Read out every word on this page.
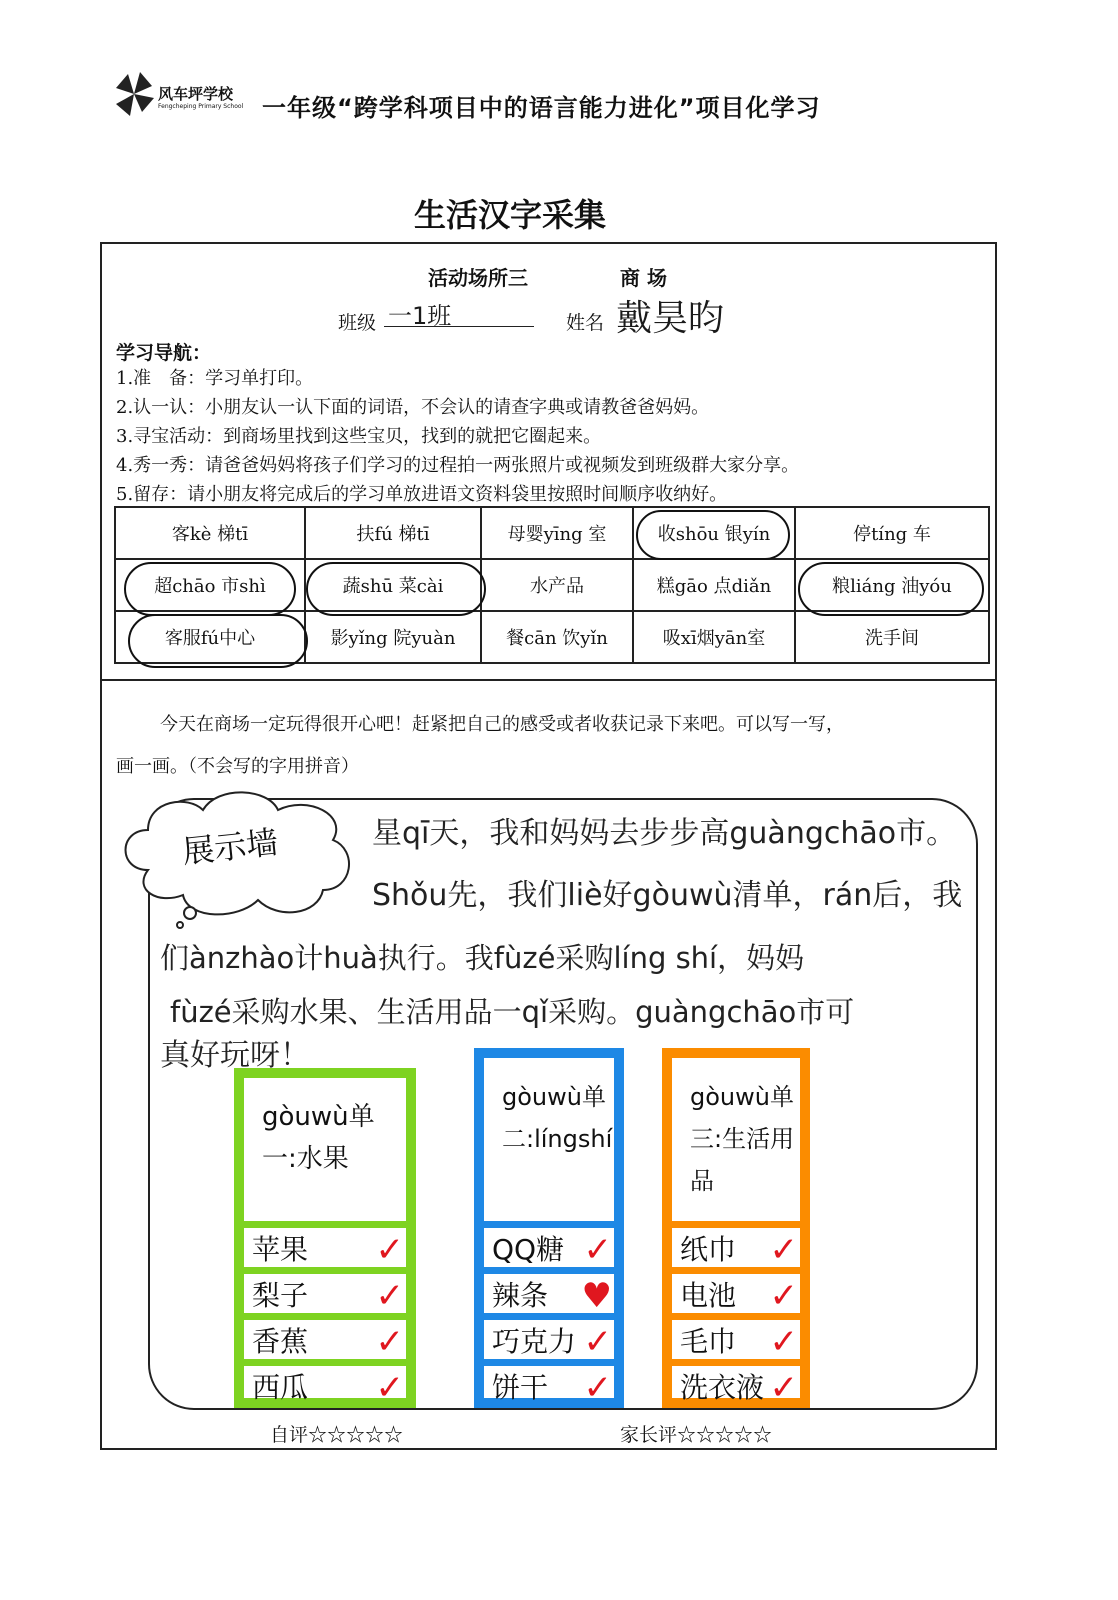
风车坪学校
Fengcheping Primary School 一年级“跨学科项目中的语言能力进化”项目化学习
生活汉字采集
活动场所三	商 场
班级 一1班	姓名 戴昊昀
学习导航：
1.准　备：学习单打印。
2.认一认：小朋友认一认下面的词语，不会认的请查字典或请教爸爸妈妈。
3.寻宝活动：到商场里找到这些宝贝，找到的就把它圈起来。
4.秀一秀：请爸爸妈妈将孩子们学习的过程拍一两张照片或视频发到班级群大家分享。
5.留存：请小朋友将完成后的学习单放进语文资料袋里按照时间顺序收纳好。
客kè 梯tī	扶fú 梯tī	母婴yīng 室	收shōu 银yín	停tíng 车
超chāo 市shì	蔬shū 菜cài	水产品	糕gāo 点diǎn	粮liáng 油yóu
客服fú中心	影yǐng 院yuàn	餐cān 饮yǐn	吸xī烟yān室	洗手间
今天在商场一定玩得很开心吧！赶紧把自己的感受或者收获记录下来吧。可以写一写，
画一画。（不会写的字用拼音）
展示墙	星qī天，我和妈妈去步步高guàngchāo市。
Shǒu先，我们liè好gòuwù清单，rán后，我
们ànzhào计huà执行。我fùzé采购líng shí，妈妈
fùzé采购水果、生活用品一qǐ采购。guàngchāo市可
真好玩呀！
gòuwù单
一:水果
苹果 ✓
梨子 ✓
香蕉 ✓
西瓜 ✓
gòuwù单
二:língshí
QQ糖 ✓
辣条 ♥
巧克力 ✓
饼干 ✓
gòuwù单
三:生活用品
纸巾 ✓
电池 ✓
毛巾 ✓
洗衣液 ✓
自评☆☆☆☆☆	家长评☆☆☆☆☆
